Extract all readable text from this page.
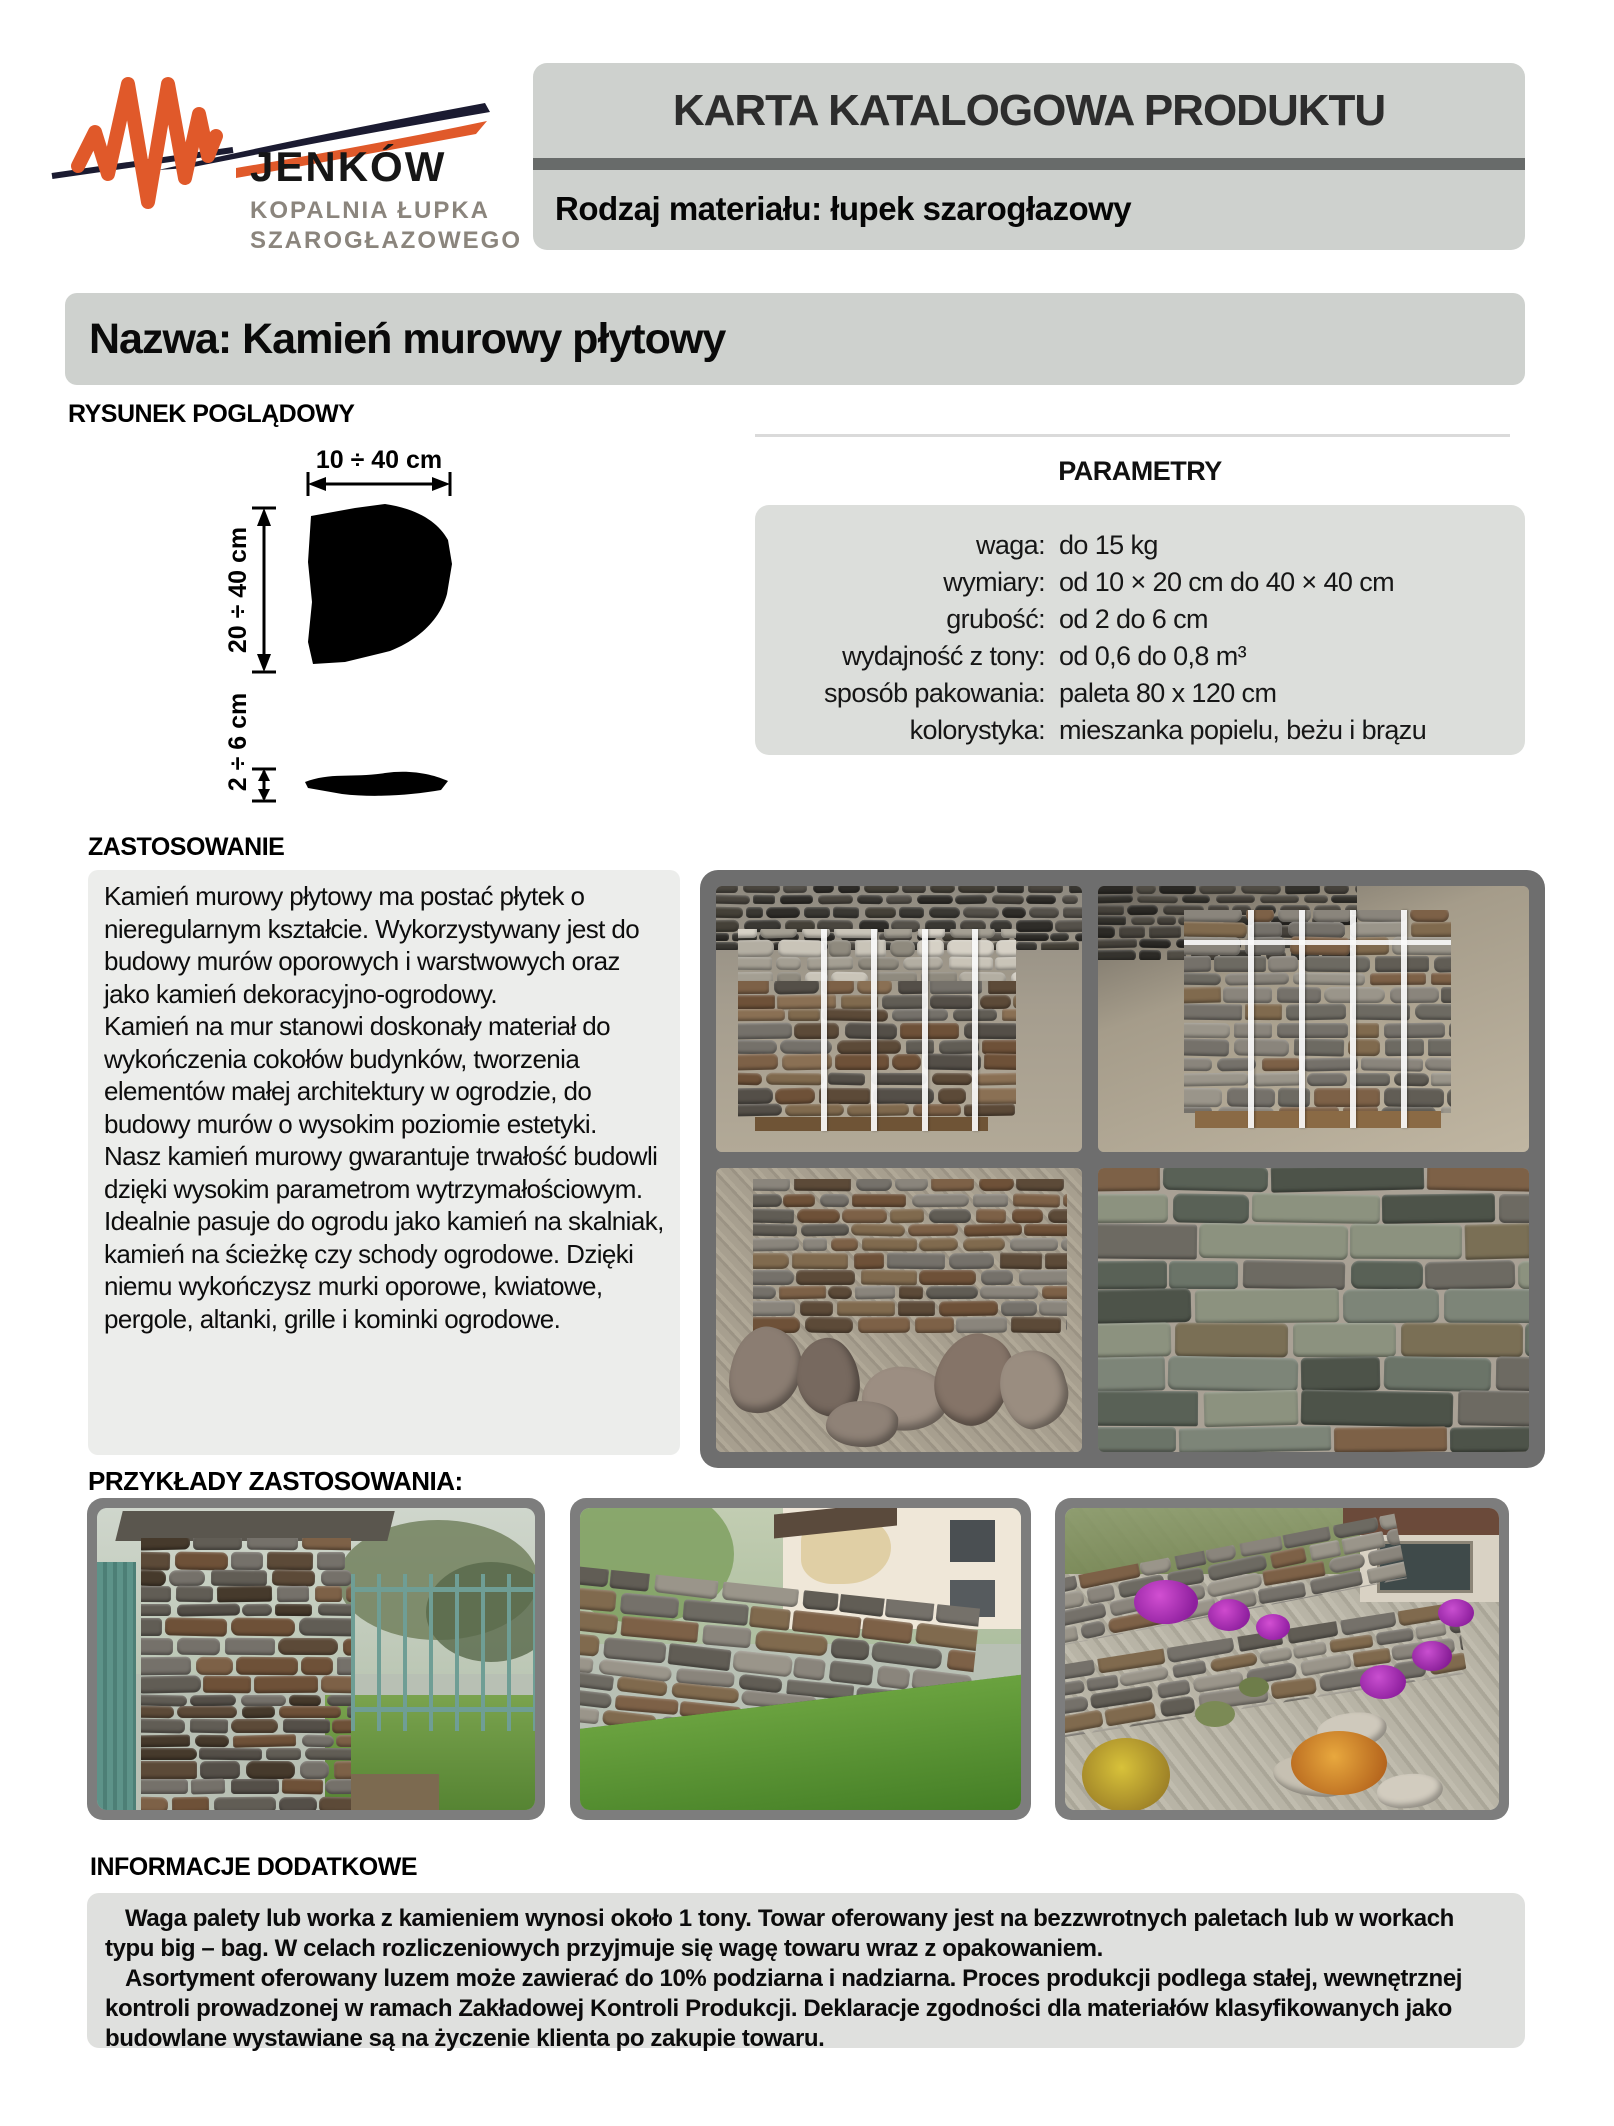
JENKÓW
KOPALNIA ŁUPKA
SZAROGŁAZOWEGO
KARTA KATALOGOWA PRODUKTU
Rodzaj materiału: łupek szarogłazowy
Nazwa: Kamień murowy płytowy
RYSUNEK POGLĄDOWY
10 ÷ 40 cm
20 ÷ 40 cm
2 ÷ 6 cm
PARAMETRY
waga: do 15 kg
wymiary: od 10 × 20 cm do 40 × 40 cm
grubość: od 2 do 6 cm
wydajność z tony: od 0,6 do 0,8 m³
sposób pakowania: paleta 80 x 120 cm
kolorystyka: mieszanka popielu, beżu i brązu
ZASTOSOWANIE

Kamień murowy płytowy ma postać płytek o nieregularnym kształcie. Wykorzystywany jest do budowy murów oporowych i warstwowych oraz jako kamień dekoracyjno-ogrodowy.

Kamień na mur stanowi doskonały materiał do wykończenia cokołów budynków, tworzenia elementów małej architektury w ogrodzie, do budowy murów o wysokim poziomie estetyki.

Nasz kamień murowy gwarantuje trwałość budowli dzięki wysokim parametrom wytrzymałościowym. Idealnie pasuje do ogrodu jako kamień na skalniak, kamień na ścieżkę czy schody ogrodowe. Dzięki niemu wykończysz murki oporowe, kwiatowe, pergole, altanki, grille i kominki ogrodowe.

PRZYKŁADY ZASTOSOWANIA:
INFORMACJE DODATKOWE

Waga palety lub worka z kamieniem wynosi około 1 tony. Towar oferowany jest na bezzwrotnych paletach lub w workach typu big – bag. W celach rozliczeniowych przyjmuje się wagę towaru wraz z opakowaniem.

Asortyment oferowany luzem może zawierać do 10% podziarna i nadziarna. Proces produkcji podlega stałej, wewnętrznej kontroli prowadzonej w ramach Zakładowej Kontroli Produkcji. Deklaracje zgodności dla materiałów klasyfikowanych jako budowlane wystawiane są na życzenie klienta po zakupie towaru.
